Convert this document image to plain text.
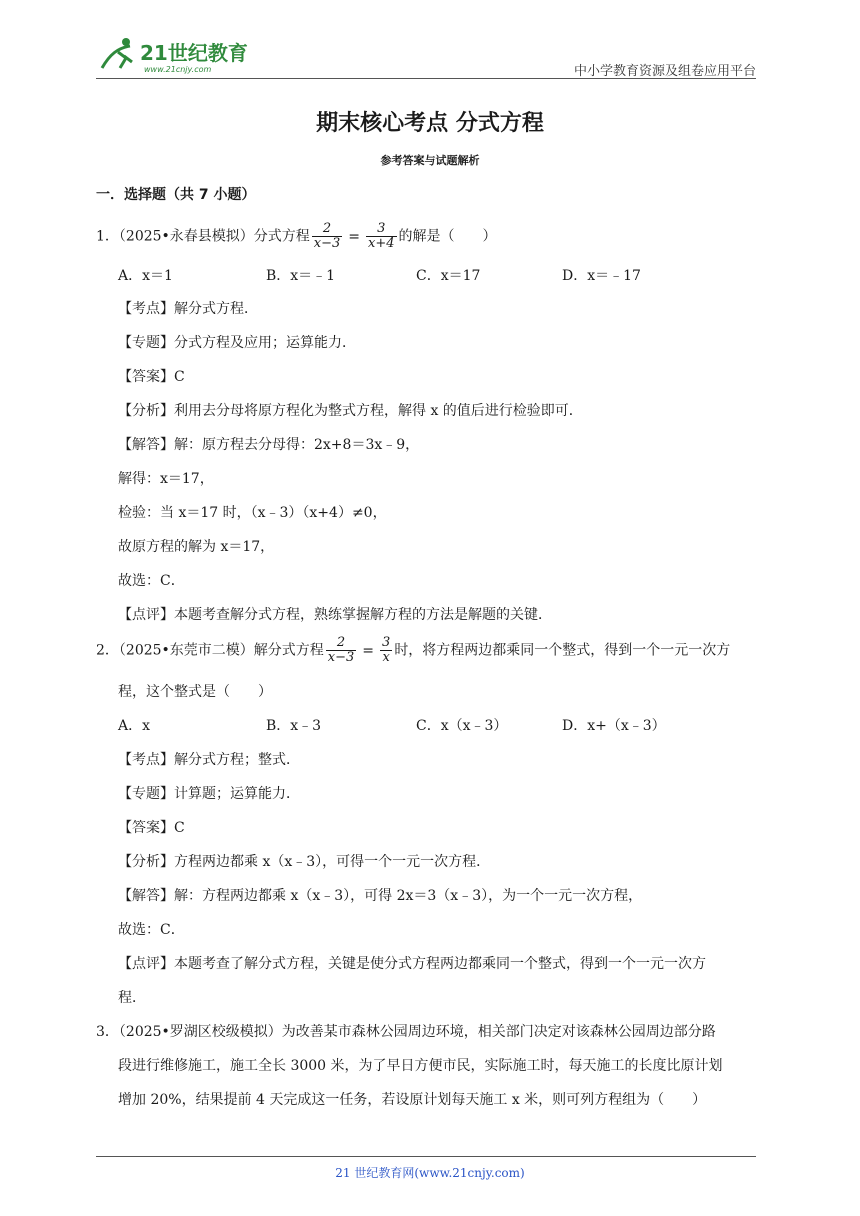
21世纪教育
www.21cnjy.com	中小学教育资源及组卷应用平台
期末核心考点 分式方程
参考答案与试题解析
一．选择题（共 7 小题）
1．（2025•永春县模拟）分式方程 $\frac{2}{x-3} = \frac{3}{x+4}$ 的解是（　　）
A．x＝1	B．x＝﹣1	C．x＝17	D．x＝﹣17
【考点】解分式方程．
【专题】分式方程及应用；运算能力．
【答案】C
【分析】利用去分母将原方程化为整式方程，解得 x 的值后进行检验即可．
【解答】解：原方程去分母得：2x+8＝3x﹣9，
解得：x＝17，
检验：当 x＝17 时，（x﹣3）（x+4）≠0，
故原方程的解为 x＝17，
故选：C．
【点评】本题考查解分式方程，熟练掌握解方程的方法是解题的关键．
2．（2025•东莞市二模）解分式方程 $\frac{2}{x-3} = \frac{3}{x}$ 时，将方程两边都乘同一个整式，得到一个一元一次方
程，这个整式是（　　）
A．x	B．x﹣3	C．x（x﹣3）	D．x+（x﹣3）
【考点】解分式方程；整式．
【专题】计算题；运算能力．
【答案】C
【分析】方程两边都乘 x（x﹣3），可得一个一元一次方程．
【解答】解：方程两边都乘 x（x﹣3），可得 2x＝3（x﹣3），为一个一元一次方程，
故选：C．
【点评】本题考查了解分式方程，关键是使分式方程两边都乘同一个整式，得到一个一元一次方
程．
3．（2025•罗湖区校级模拟）为改善某市森林公园周边环境，相关部门决定对该森林公园周边部分路
段进行维修施工，施工全长 3000 米，为了早日方便市民，实际施工时，每天施工的长度比原计划
增加 20%，结果提前 4 天完成这一任务，若设原计划每天施工 x 米，则可列方程组为（　　）
21 世纪教育网(www.21cnjy.com)
